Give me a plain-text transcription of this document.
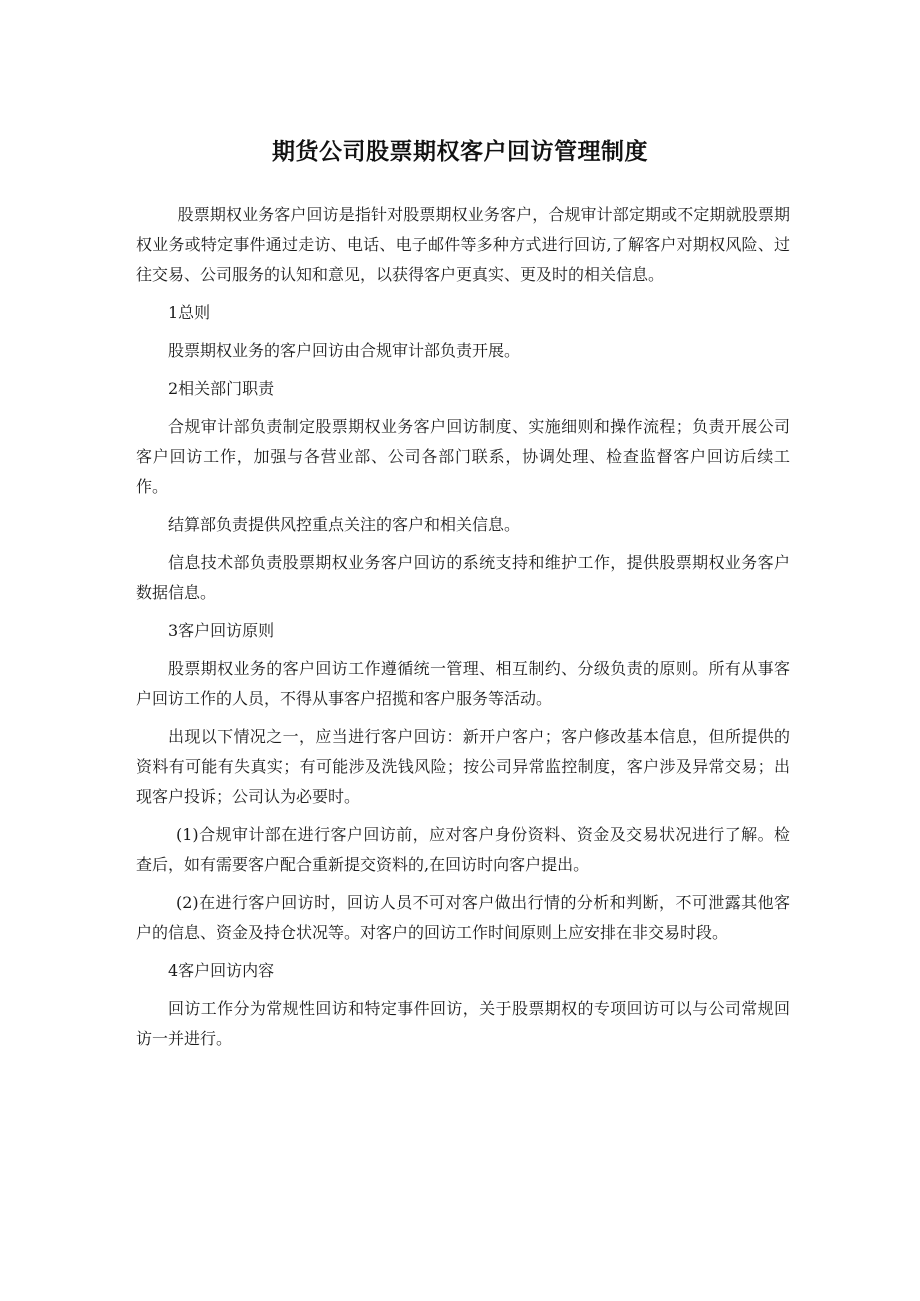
期货公司股票期权客户回访管理制度

股票期权业务客户回访是指针对股票期权业务客户，合规审计部定期或不定期就股票期权业务或特定事件通过走访、电话、电子邮件等多种方式进行回访,了解客户对期权风险、过往交易、公司服务的认知和意见，以获得客户更真实、更及时的相关信息。

1总则

股票期权业务的客户回访由合规审计部负责开展。

2相关部门职责

合规审计部负责制定股票期权业务客户回访制度、实施细则和操作流程；负责开展公司客户回访工作，加强与各营业部、公司各部门联系，协调处理、检查监督客户回访后续工作。

结算部负责提供风控重点关注的客户和相关信息。

信息技术部负责股票期权业务客户回访的系统支持和维护工作，提供股票期权业务客户数据信息。

3客户回访原则

股票期权业务的客户回访工作遵循统一管理、相互制约、分级负责的原则。所有从事客户回访工作的人员，不得从事客户招揽和客户服务等活动。

出现以下情况之一，应当进行客户回访：新开户客户；客户修改基本信息，但所提供的资料有可能有失真实；有可能涉及洗钱风险；按公司异常监控制度，客户涉及异常交易；出现客户投诉；公司认为必要时。

(1)合规审计部在进行客户回访前，应对客户身份资料、资金及交易状况进行了解。检查后，如有需要客户配合重新提交资料的,在回访时向客户提出。

(2)在进行客户回访时，回访人员不可对客户做出行情的分析和判断，不可泄露其他客户的信息、资金及持仓状况等。对客户的回访工作时间原则上应安排在非交易时段。

4客户回访内容

回访工作分为常规性回访和特定事件回访，关于股票期权的专项回访可以与公司常规回访一并进行。
